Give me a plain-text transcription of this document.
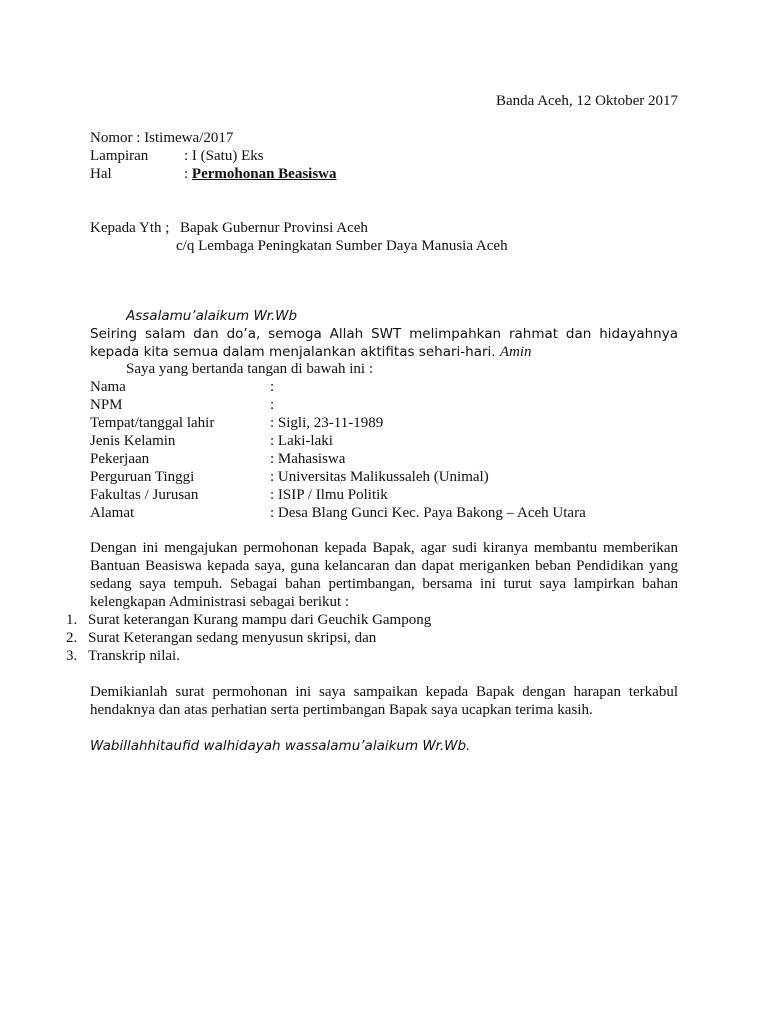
Banda Aceh, 12 Oktober 2017
Nomor : Istimewa/2017
Lampiran : I (Satu) Eks
Hal	: Permohonan Beasiswa
Kepada Yth ; Bapak Gubernur Provinsi Aceh
c/q Lembaga Peningkatan Sumber Daya Manusia Aceh
Assalamu’alaikum Wr.Wb
Seiring salam dan do’a, semoga Allah SWT melimpahkan rahmat dan hidayahnya kepada kita semua dalam menjalankan aktifitas sehari-hari. Amin
Saya yang bertanda tangan di bawah ini :
Nama	:
NPM	:
Tempat/tanggal lahir	: Sigli, 23-11-1989
Jenis Kelamin	: Laki-laki
Pekerjaan	: Mahasiswa
Perguruan Tinggi	: Universitas Malikussaleh (Unimal)
Fakultas / Jurusan	: ISIP / Ilmu Politik
Alamat	: Desa Blang Gunci Kec. Paya Bakong – Aceh Utara
Dengan ini mengajukan permohonan kepada Bapak, agar sudi kiranya membantu memberikan Bantuan Beasiswa kepada saya, guna kelancaran dan dapat meriganken beban Pendidikan yang sedang saya tempuh. Sebagai bahan pertimbangan, bersama ini turut saya lampirkan bahan kelengkapan Administrasi sebagai berikut :
1. Surat keterangan Kurang mampu dari Geuchik Gampong
2. Surat Keterangan sedang menyusun skripsi, dan
3. Transkrip nilai.
Demikianlah surat permohonan ini saya sampaikan kepada Bapak dengan harapan terkabul hendaknya dan atas perhatian serta pertimbangan Bapak saya ucapkan terima kasih.
Wabillahhitaufid walhidayah wassalamu’alaikum Wr.Wb.
